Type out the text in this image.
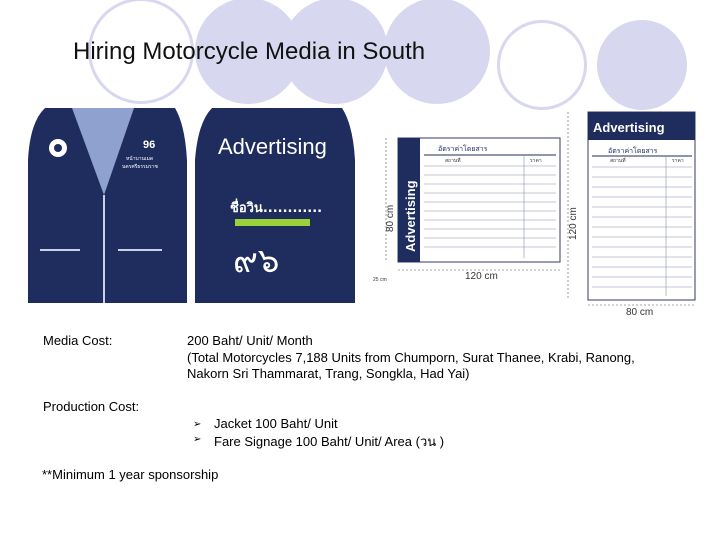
Hiring Motorcycle Media in South
96
หน้าบานเมด
นครศรีธรรมราช
Advertising
ชื่อวิน............
๙๖
Advertising
อัตราค่าโดยสาร
สถานที่	ราคา
80 cm
25 cm	120 cm
Advertising
อัตราค่าโดยสาร
สถานที่	ราคา
120 cm
80 cm
Media Cost:	200 Baht/ Unit/ Month
(Total Motorcycles 7,188 Units from Chumporn, Surat Thanee, Krabi, Ranong,
Nakorn Sri Thammarat, Trang, Songkla, Had Yai)
Production Cost:
➢ Jacket 100 Baht/ Unit
➢ Fare Signage 100 Baht/ Unit/ Area (วน )
**Minimum 1 year sponsorship
